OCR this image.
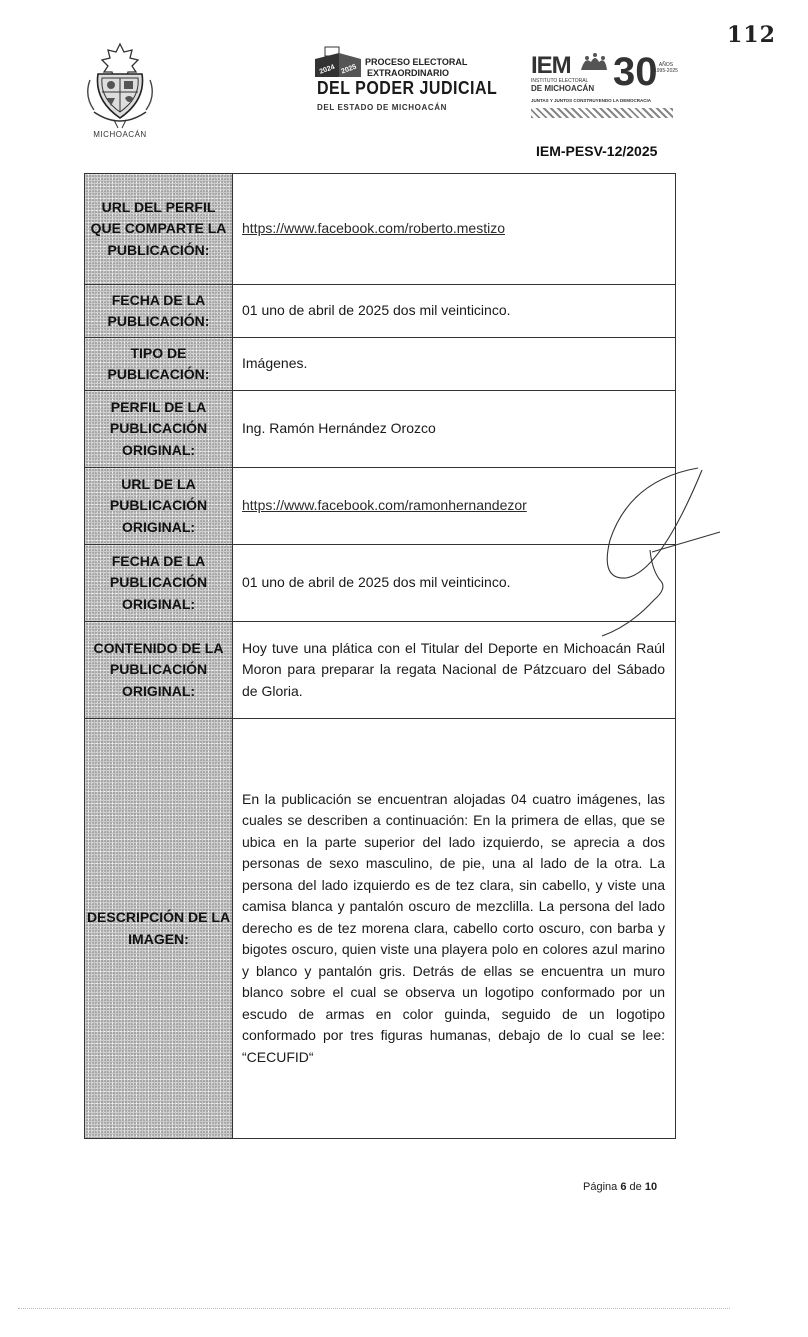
112
MICHOACÁN
2024 2025
PROCESO ELECTORAL
EXTRAORDINARIO
DEL PODER JUDICIAL
DEL ESTADO DE MICHOACÁN
IEM
INSTITUTO ELECTORAL
DE MICHOACÁN 30 AÑOS
1995-2025
JUNTAS Y JUNTOS CONSTRUYENDO LA DEMOCRACIA
IEM-PESV-12/2025
URL DEL PERFIL QUE COMPARTE LA PUBLICACIÓN:	https://www.facebook.com/roberto.mestizo
FECHA DE LA PUBLICACIÓN:	01 uno de abril de 2025 dos mil veinticinco.
TIPO DE PUBLICACIÓN:	Imágenes.
PERFIL DE LA PUBLICACIÓN ORIGINAL:	Ing. Ramón Hernández Orozco
URL DE LA PUBLICACIÓN ORIGINAL:	https://www.facebook.com/ramonhernandezor
FECHA DE LA PUBLICACIÓN ORIGINAL:	01 uno de abril de 2025 dos mil veinticinco.
CONTENIDO DE LA PUBLICACIÓN ORIGINAL:	Hoy tuve una plática con el Titular del Deporte en Michoacán Raúl Moron para preparar la regata Nacional de Pátzcuaro del Sábado de Gloria.
DESCRIPCIÓN DE LA IMAGEN:	En la publicación se encuentran alojadas 04 cuatro imágenes, las cuales se describen a continuación: En la primera de ellas, que se ubica en la parte superior del lado izquierdo, se aprecia a dos personas de sexo masculino, de pie, una al lado de la otra. La persona del lado izquierdo es de tez clara, sin cabello, y viste una camisa blanca y pantalón oscuro de mezclilla. La persona del lado derecho es de tez morena clara, cabello corto oscuro, con barba y bigotes oscuro, quien viste una playera polo en colores azul marino y blanco y pantalón gris. Detrás de ellas se encuentra un muro blanco sobre el cual se observa un logotipo conformado por un escudo de armas en color guinda, seguido de un logotipo conformado por tres figuras humanas, debajo de lo cual se lee: “CECUFID“
Página 6 de 10
